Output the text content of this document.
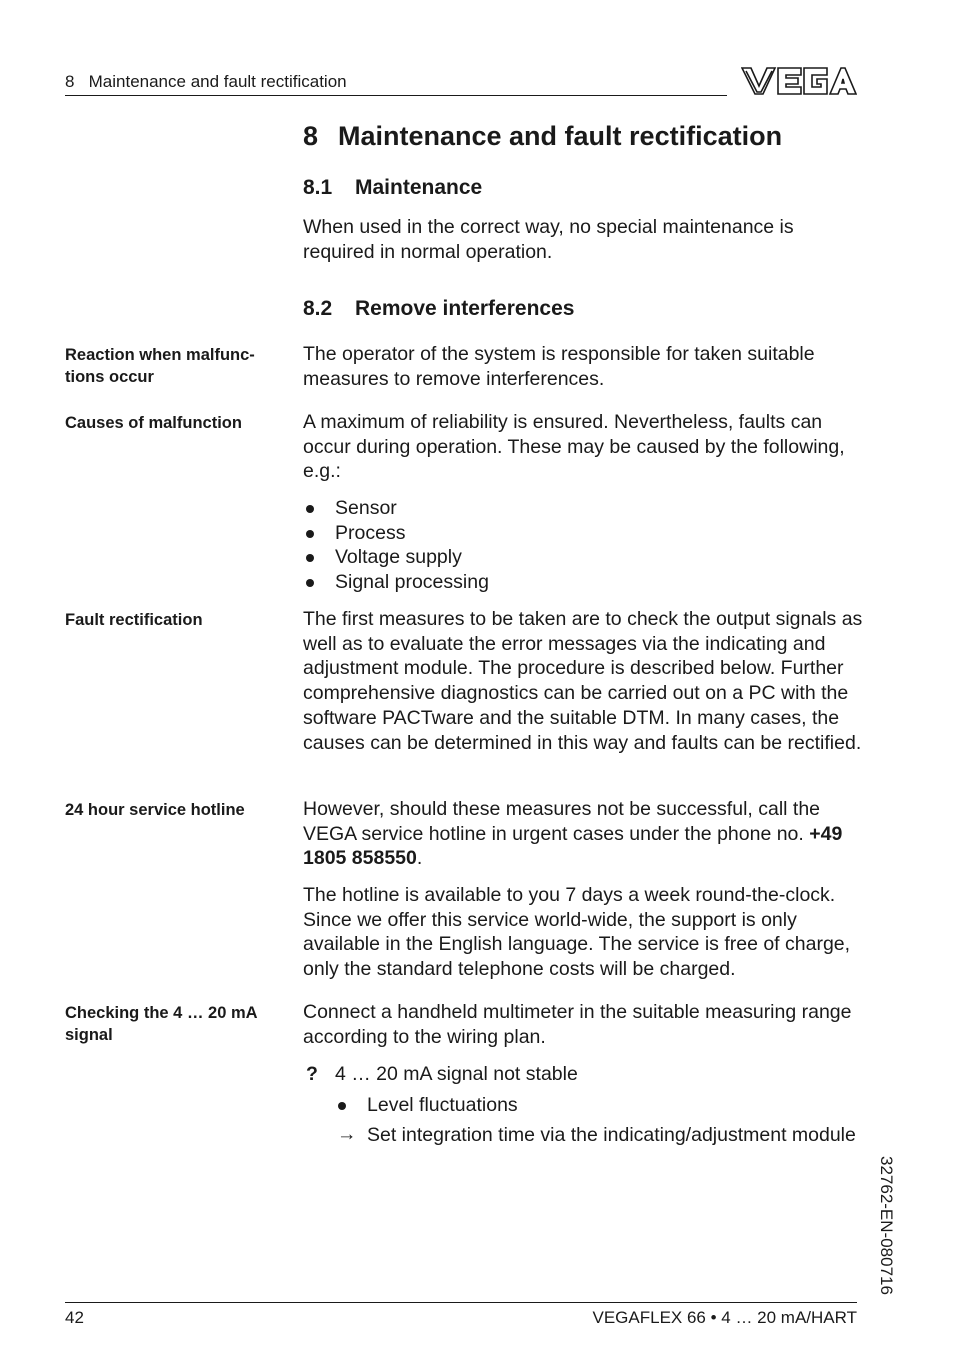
8   Maintenance and fault rectification
8 Maintenance and fault rectification
8.1 Maintenance
When used in the correct way, no special maintenance is required in normal operation.
8.2 Remove interferences
Reaction when malfunc-tions occur
The operator of the system is responsible for taken suitable measures to remove interferences.
Causes of malfunction	A maximum of reliability is ensured. Nevertheless, faults can occur during operation. These may be caused by the following, e.g.:
Sensor
Process
Voltage supply
Signal processing
Fault rectification	The first measures to be taken are to check the output signals as well as to evaluate the error messages via the indicating and adjustment module. The procedure is described below. Further comprehensive diagnostics can be carried out on a PC with the software PACTware and the suitable DTM. In many cases, the causes can be determined in this way and faults can be rectified.
24 hour service hotline	However, should these measures not be successful, call the VEGA service hotline in urgent cases under the phone no. +49 1805 858550.
The hotline is available to you 7 days a week round-the-clock. Since we offer this service world-wide, the support is only available in the English language. The service is free of charge, only the standard telephone costs will be charged.
Checking the 4 … 20 mA signal
Connect a handheld multimeter in the suitable measuring range according to the wiring plan.
? 4 … 20 mA signal not stable
Level fluctuations
→ Set integration time via the indicating/adjustment module
32762-EN-080716
42	VEGAFLEX 66 • 4 … 20 mA/HART
